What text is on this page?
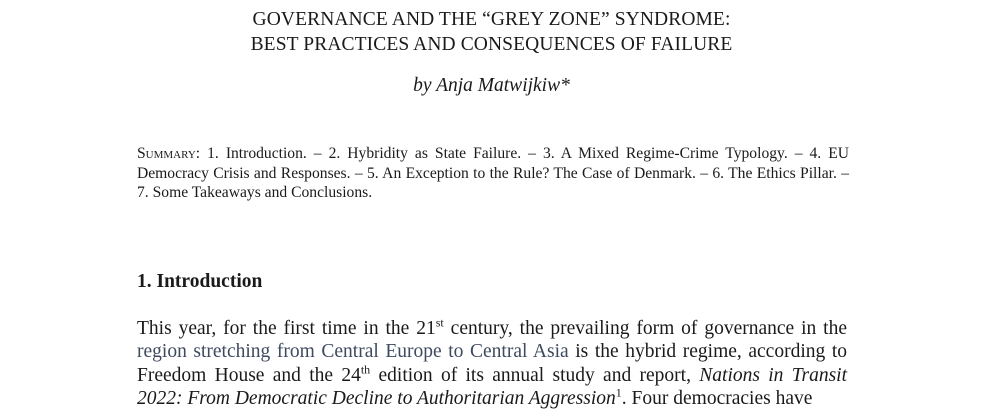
GOVERNANCE AND THE “GREY ZONE” SYNDROME:
BEST PRACTICES AND CONSEQUENCES OF FAILURE
by Anja Matwijkiw*
Summary: 1. Introduction. – 2. Hybridity as State Failure. – 3. A Mixed Regime-Crime Typology. – 4. EU Democracy Crisis and Responses. – 5. An Exception to the Rule? The Case of Denmark. – 6. The Ethics Pillar. – 7. Some Takeaways and Conclusions.
1. Introduction
This year, for the first time in the 21st century, the prevailing form of governance in the region stretching from Central Europe to Central Asia is the hybrid regime, according to Freedom House and the 24th edition of its annual study and report, Nations in Transit 2022: From Democratic Decline to Authoritarian Aggression$^1$. Four democracies have
